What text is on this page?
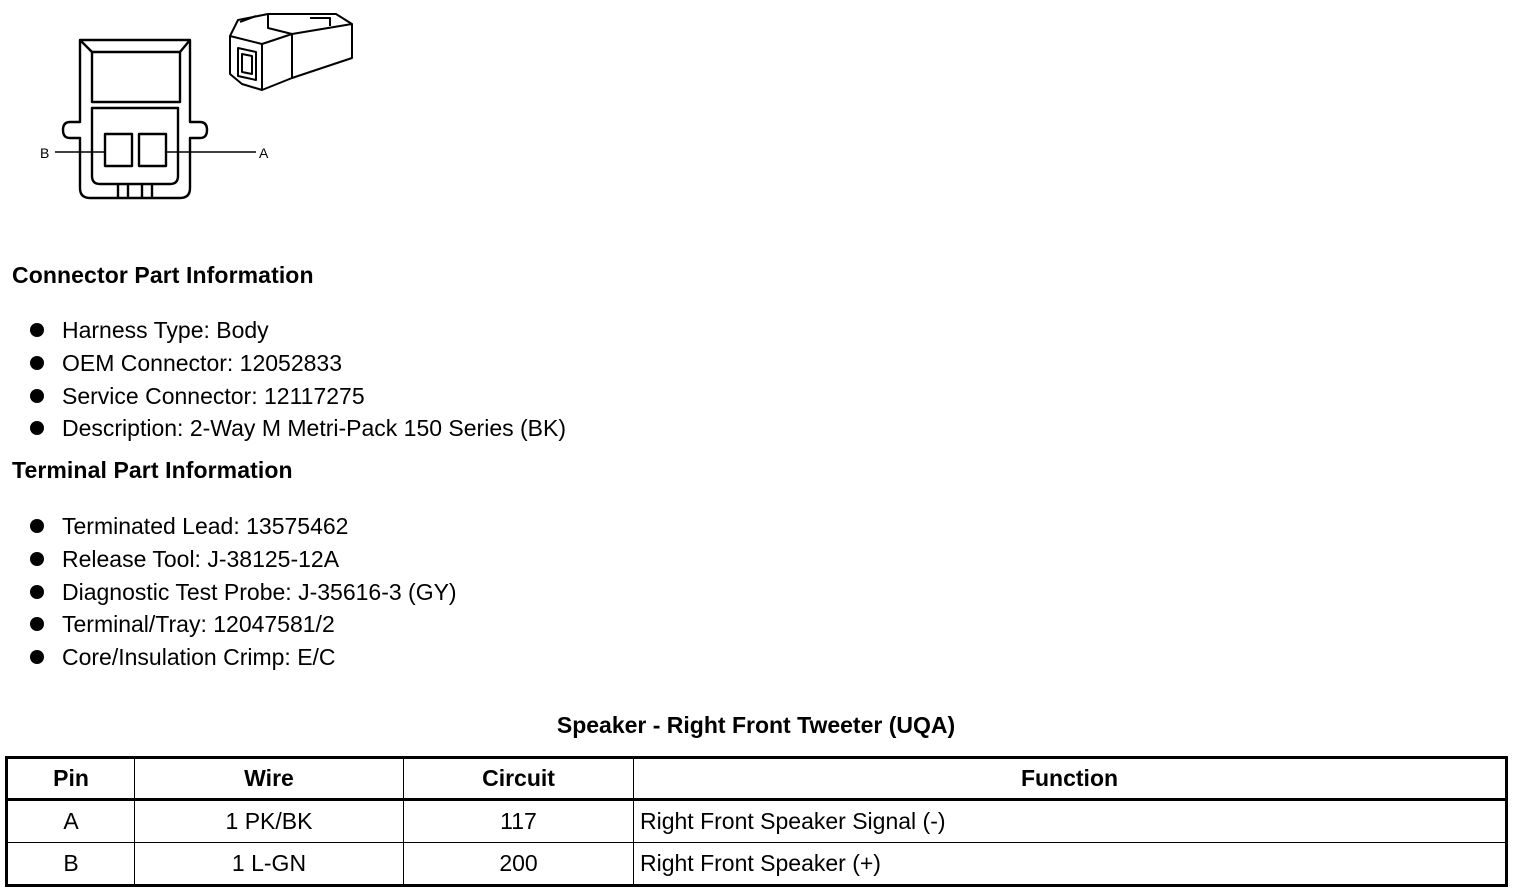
B	A
Connector Part Information
Harness Type: Body
OEM Connector: 12052833
Service Connector: 12117275
Description: 2-Way M Metri-Pack 150 Series (BK)
Terminal Part Information
Terminated Lead: 13575462
Release Tool: J-38125-12A
Diagnostic Test Probe: J-35616-3 (GY)
Terminal/Tray: 12047581/2
Core/Insulation Crimp: E/C
Speaker - Right Front Tweeter (UQA)
Pin	Wire	Circuit	Function
A	1 PK/BK	117	Right Front Speaker Signal (-)
B	1 L-GN	200	Right Front Speaker (+)
